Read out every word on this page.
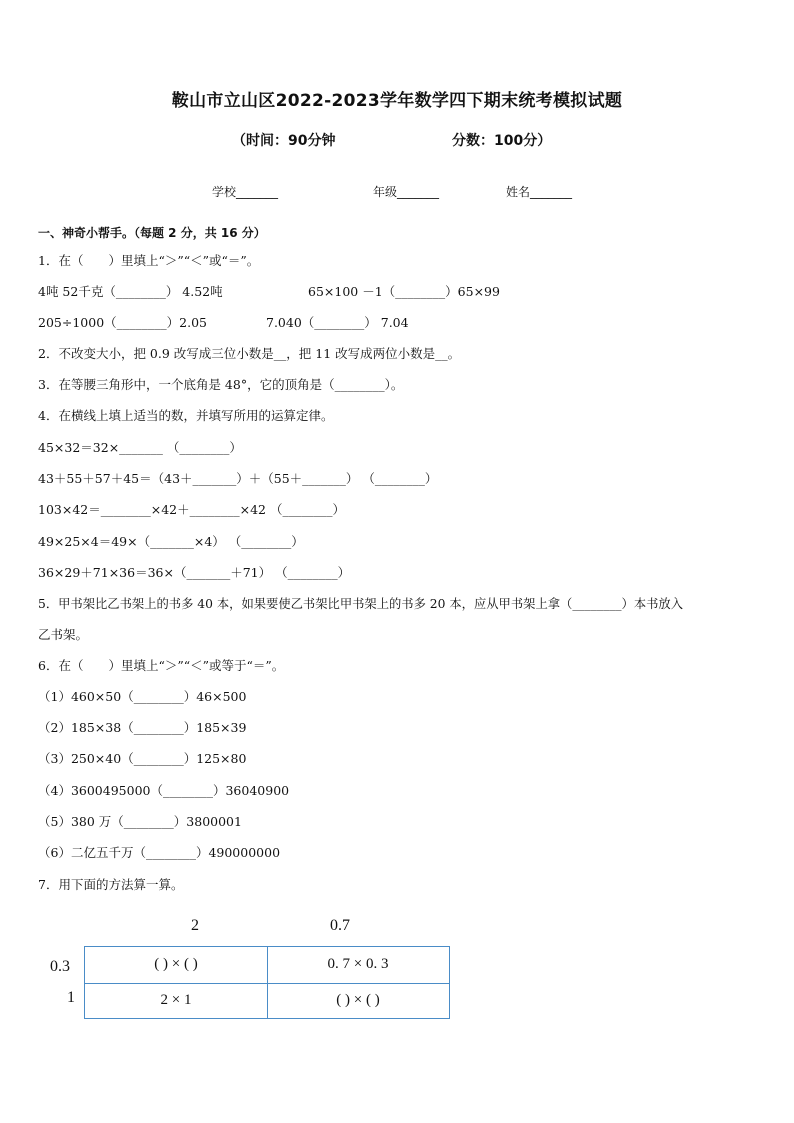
鞍山市立山区2022-2023学年数学四下期末统考模拟试题
（时间：90分钟	分数：100分）
学校_______	年级_______	姓名_______
一、神奇小帮手。（每题 2 分，共 16 分）
1．在（　　）里填上“＞”“＜”或“＝”。
4吨 52千克（________） 4.52吨	65×100 －1（________）65×99
205÷1000（________）2.05	7.040（________） 7.04
2．不改变大小，把 0.9 改写成三位小数是__，把 11 改写成两位小数是__。
3．在等腰三角形中，一个底角是 48°，它的顶角是（________）。
4．在横线上填上适当的数，并填写所用的运算定律。
45×32＝32×_______ （________）
43＋55＋57＋45＝（43＋_______）＋（55＋_______） （________）
103×42＝________×42＋________×42 （________）
49×25×4＝49×（_______×4） （________）
36×29＋71×36＝36×（_______＋71） （________）
5．甲书架比乙书架上的书多 40 本，如果要使乙书架比甲书架上的书多 20 本，应从甲书架上拿（________）本书放入
乙书架。
6．在（　　）里填上“＞”“＜”或等于“＝”。
（1）460×50（________）46×500
（2）185×38（________）185×39
（3）250×40（________）125×80
（4）3600495000（________）36040900
（5）380 万（________）3800001
（6）二亿五千万（________）490000000
7．用下面的方法算一算。
2	0.7
0.3
1
( ) × ( )	0. 7 × 0. 3
2 × 1	( ) × ( )
